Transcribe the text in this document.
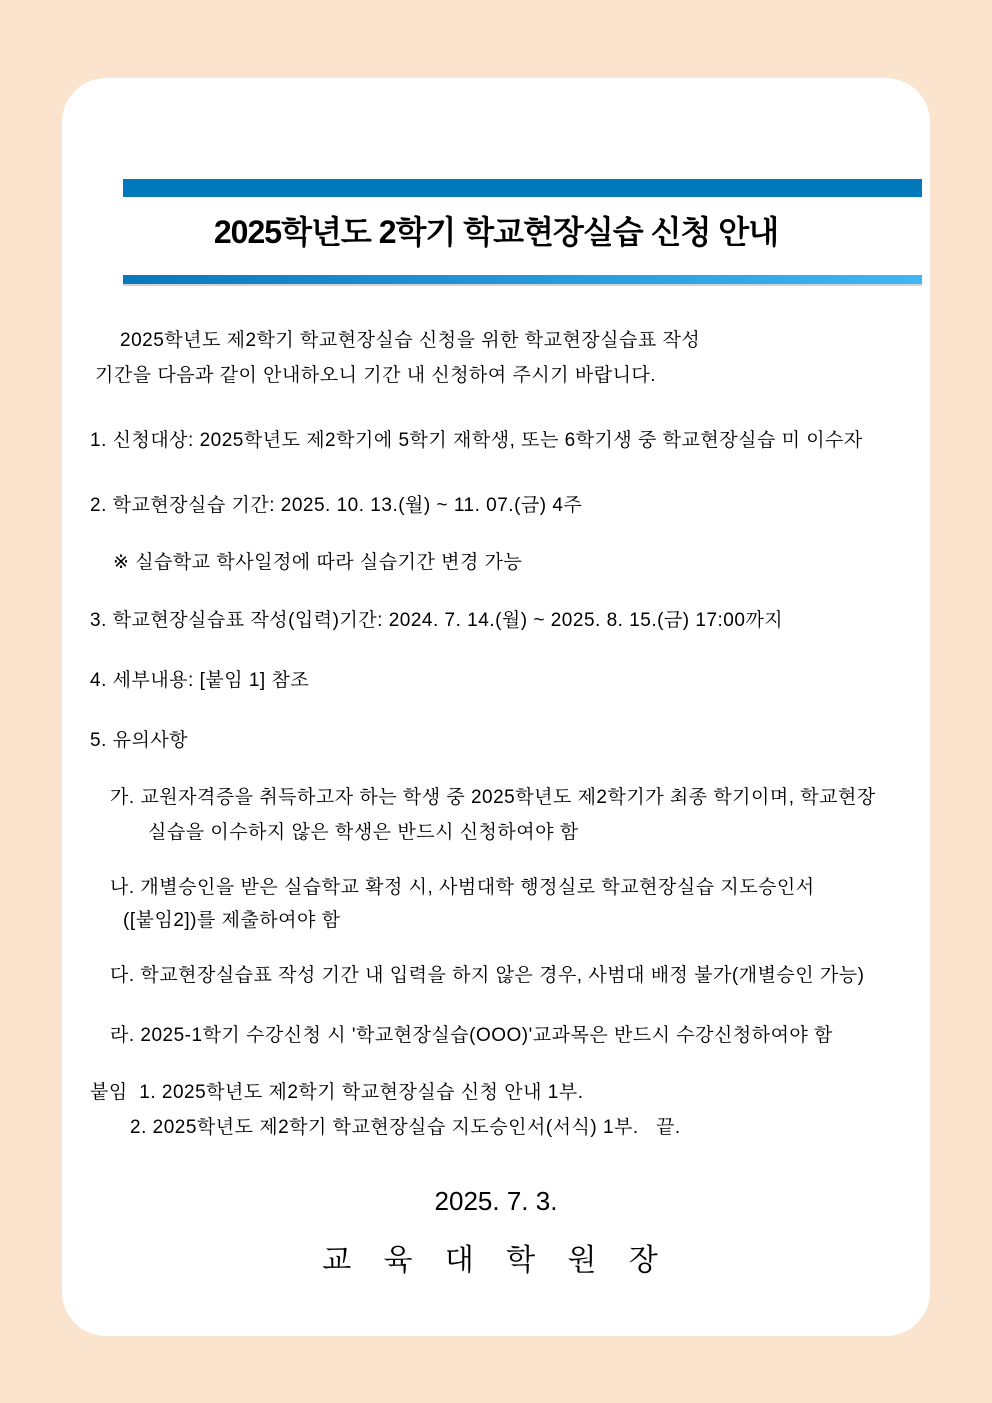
2025학년도 2학기 학교현장실습 신청 안내
2025학년도 제2학기 학교현장실습 신청을 위한 학교현장실습표 작성
기간을 다음과 같이 안내하오니 기간 내 신청하여 주시기 바랍니다.
1. 신청대상: 2025학년도 제2학기에 5학기 재학생, 또는 6학기생 중 학교현장실습 미 이수자
2. 학교현장실습 기간: 2025. 10. 13.(월) ~ 11. 07.(금) 4주
※ 실습학교 학사일정에 따라 실습기간 변경 가능
3. 학교현장실습표 작성(입력)기간: 2024. 7. 14.(월) ~ 2025. 8. 15.(금) 17:00까지
4. 세부내용: [붙임 1] 참조
5. 유의사항
가. 교원자격증을 취득하고자 하는 학생 중 2025학년도 제2학기가 최종 학기이며, 학교현장
실습을 이수하지 않은 학생은 반드시 신청하여야 함
나. 개별승인을 받은 실습학교 확정 시, 사범대학 행정실로 학교현장실습 지도승인서
([붙임2])를 제출하여야 함
다. 학교현장실습표 작성 기간 내 입력을 하지 않은 경우, 사범대 배정 불가(개별승인 가능)
라. 2025-1학기 수강신청 시 '학교현장실습(OOO)'교과목은 반드시 수강신청하여야 함
붙임  1. 2025학년도 제2학기 학교현장실습 신청 안내 1부.
2. 2025학년도 제2학기 학교현장실습 지도승인서(서식) 1부.   끝.
2025. 7. 3.
교 육 대 학 원 장
